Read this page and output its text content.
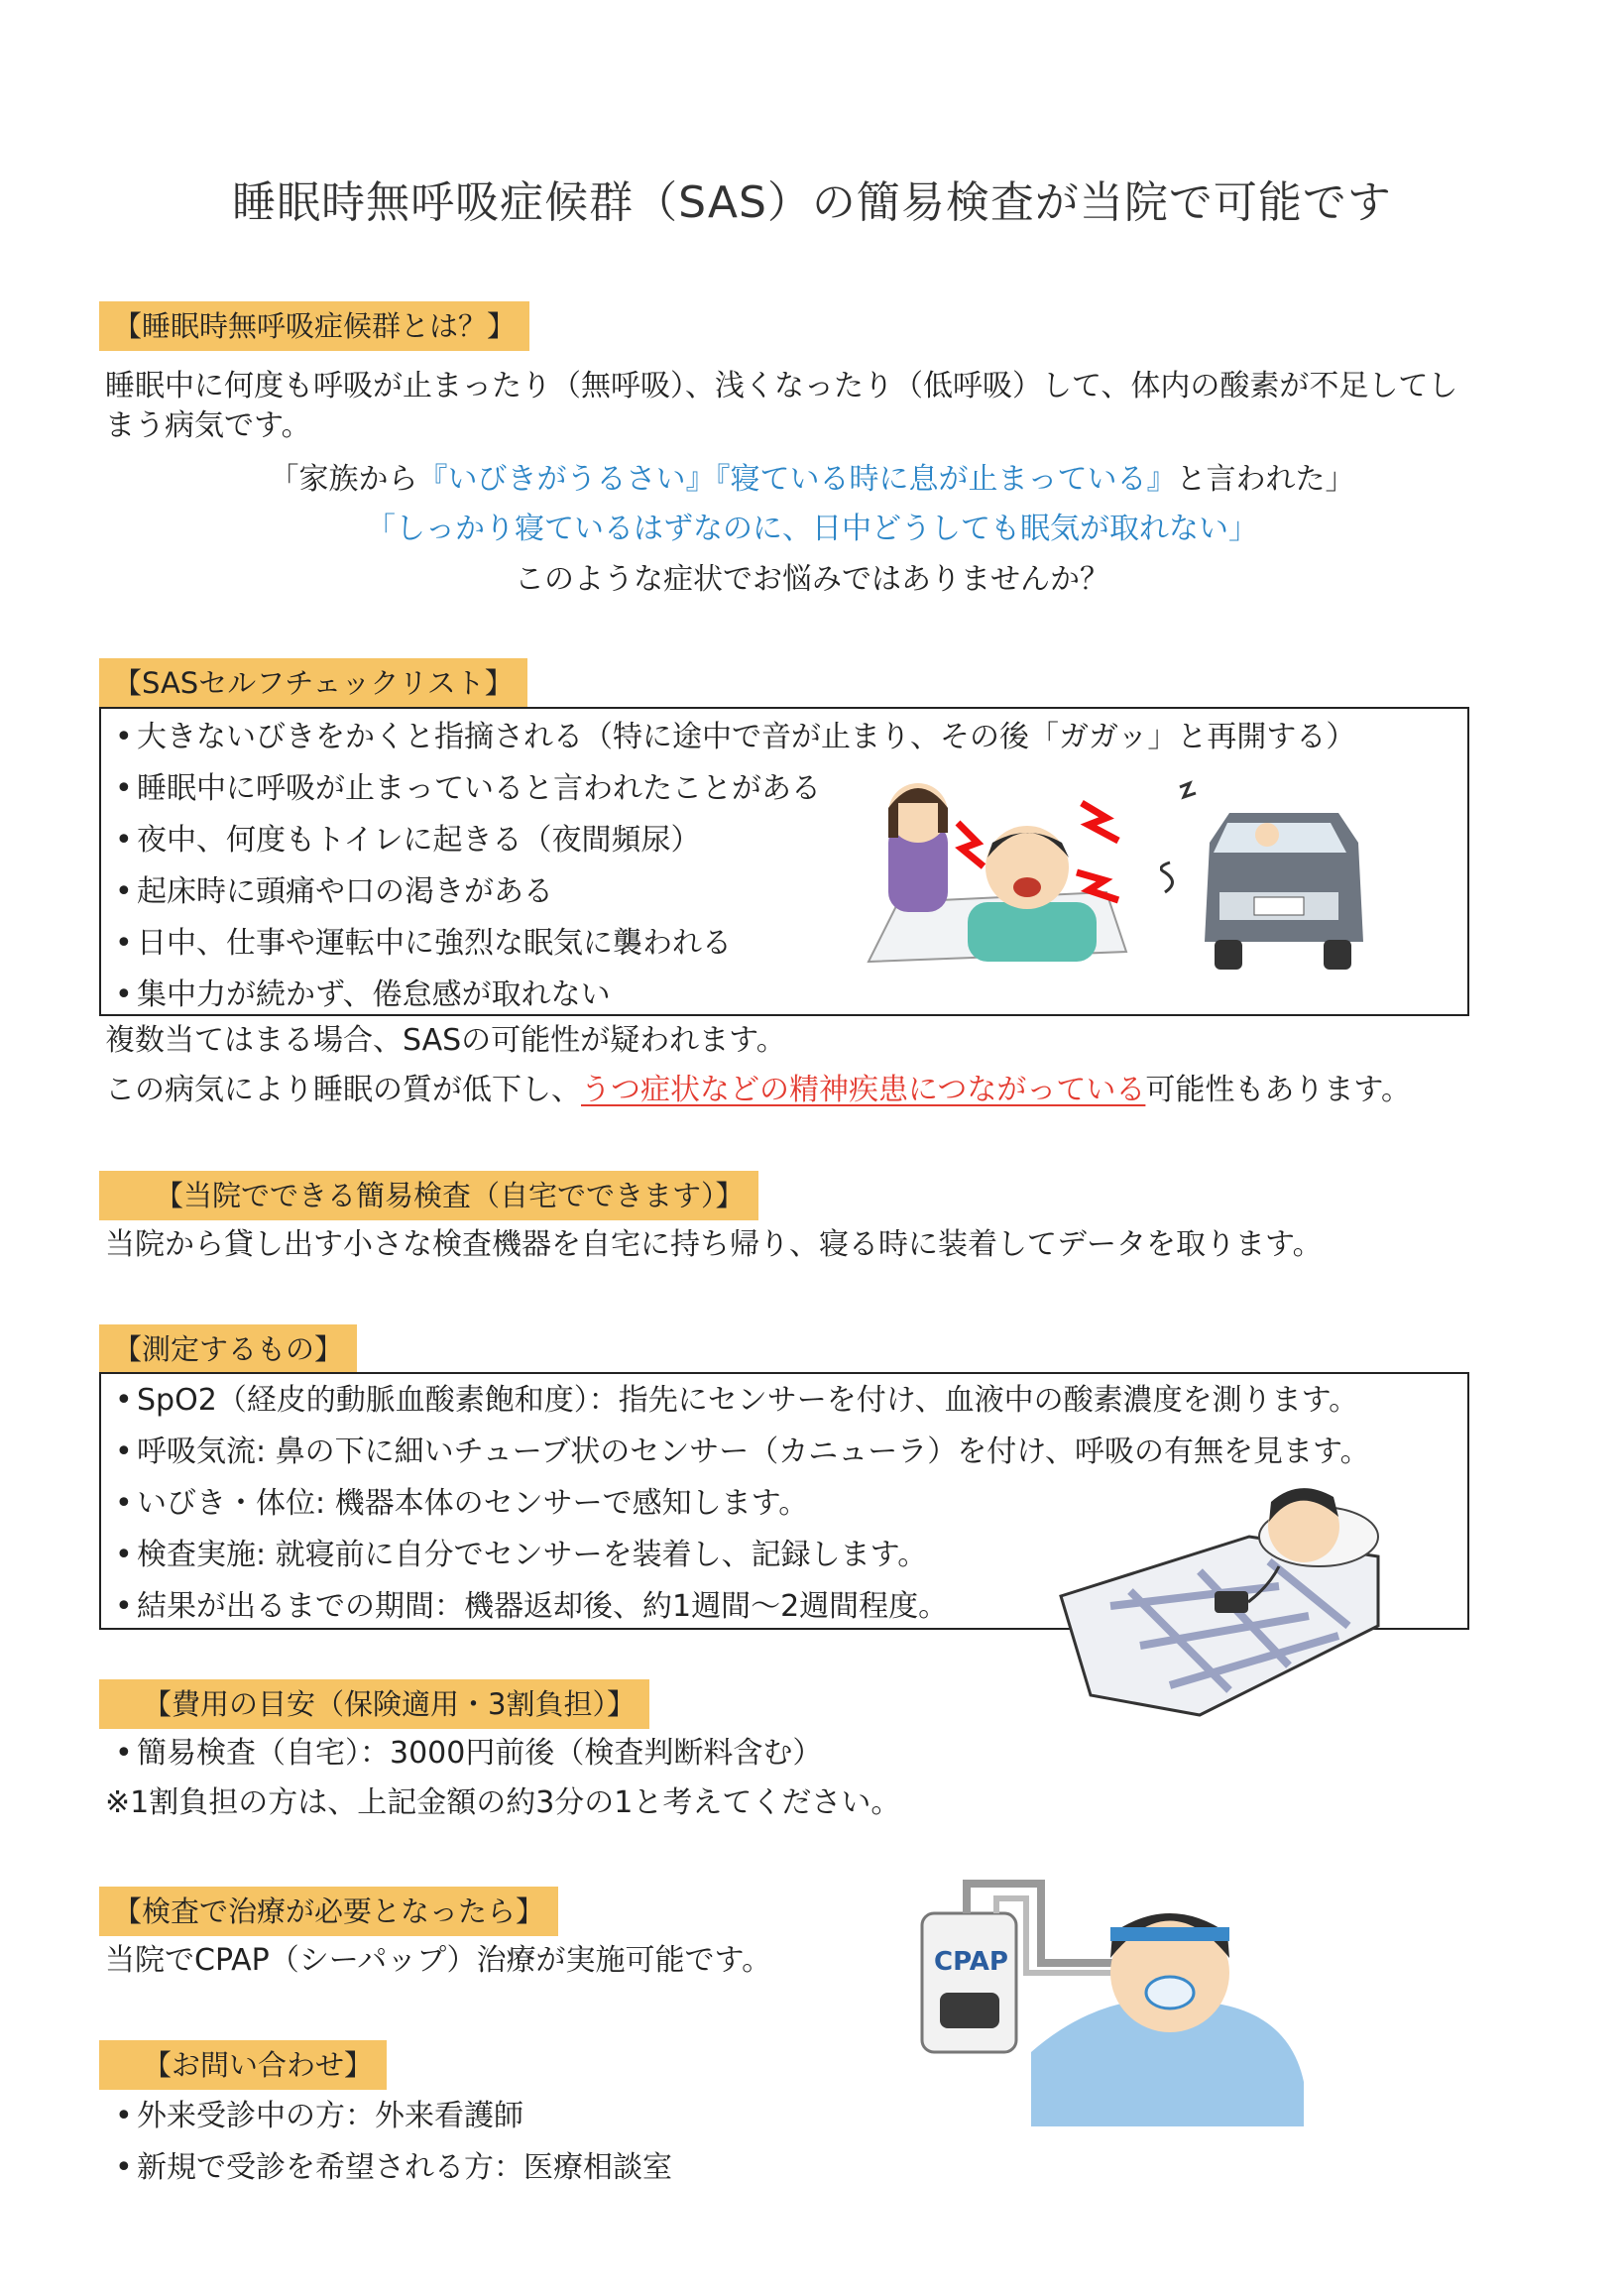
睡眠時無呼吸症候群（SAS）の簡易検査が当院で可能です
【睡眠時無呼吸症候群とは？】
睡眠中に何度も呼吸が止まったり（無呼吸）、浅くなったり（低呼吸）して、体内の酸素が不足してしまう病気です。
「家族から『いびきがうるさい』『寝ている時に息が止まっている』と言われた」
「しっかり寝ているはずなのに、日中どうしても眠気が取れない」
このような症状でお悩みではありませんか？
【SASセルフチェックリスト】
• 大きないびきをかくと指摘される（特に途中で音が止まり、その後「ガガッ」と再開する）
• 睡眠中に呼吸が止まっていると言われたことがある
• 夜中、何度もトイレに起きる（夜間頻尿）
• 起床時に頭痛や口の渇きがある
• 日中、仕事や運転中に強烈な眠気に襲われる
• 集中力が続かず、倦怠感が取れない
複数当てはまる場合、SASの可能性が疑われます。
この病気により睡眠の質が低下し、うつ症状などの精神疾患につながっている可能性もあります。
【当院でできる簡易検査（自宅でできます）】
当院から貸し出す小さな検査機器を自宅に持ち帰り、寝る時に装着してデータを取ります。
【測定するもの】
• SpO2（経皮的動脈血酸素飽和度）：指先にセンサーを付け、血液中の酸素濃度を測ります。
• 呼吸気流: 鼻の下に細いチューブ状のセンサー（カニューラ）を付け、呼吸の有無を見ます。
• いびき・体位: 機器本体のセンサーで感知します。
• 検査実施: 就寝前に自分でセンサーを装着し、記録します。
• 結果が出るまでの期間：機器返却後、約1週間～2週間程度。
【費用の目安（保険適用・3割負担）】
• 簡易検査（自宅）：3000円前後（検査判断料含む）
※1割負担の方は、上記金額の約3分の1と考えてください。
【検査で治療が必要となったら】
当院でCPAP（シーパップ）治療が実施可能です。	CPAP
【お問い合わせ】
• 外来受診中の方：外来看護師
• 新規で受診を希望される方：医療相談室
